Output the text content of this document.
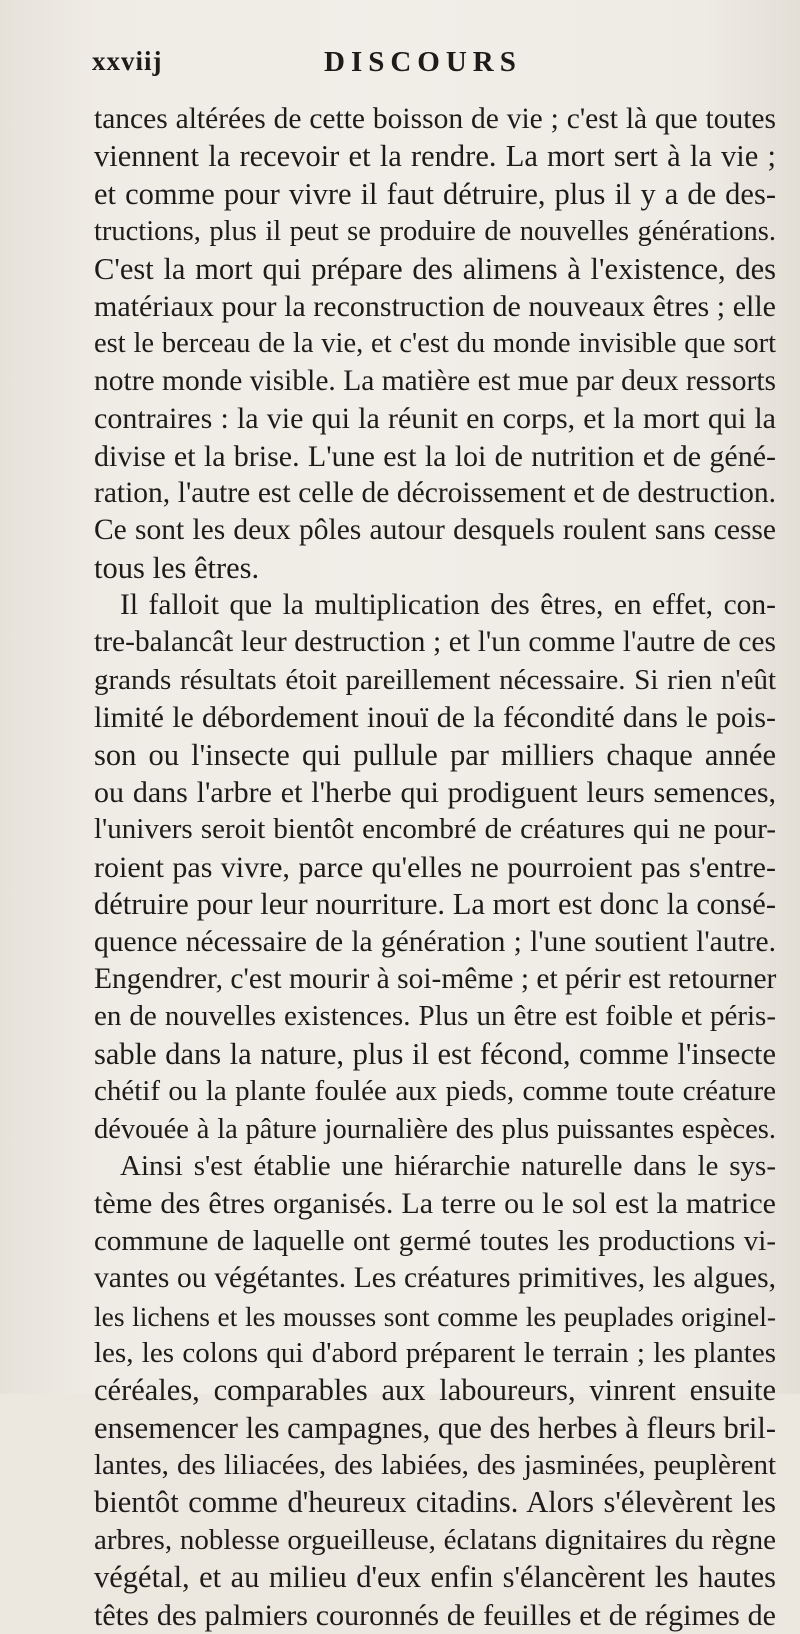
xxviij	DISCOURS
tances altérées de cette boisson de vie ; c'est là que toutes
viennent la recevoir et la rendre. La mort sert à la vie ;
et comme pour vivre il faut détruire, plus il y a de des-
tructions, plus il peut se produire de nouvelles générations.
C'est la mort qui prépare des alimens à l'existence, des
matériaux pour la reconstruction de nouveaux êtres ; elle
est le berceau de la vie, et c'est du monde invisible que sort
notre monde visible. La matière est mue par deux ressorts
contraires : la vie qui la réunit en corps, et la mort qui la
divise et la brise. L'une est la loi de nutrition et de géné-
ration, l'autre est celle de décroissement et de destruction.
Ce sont les deux pôles autour desquels roulent sans cesse
tous les êtres.
Il falloit que la multiplication des êtres, en effet, con-
tre-balancât leur destruction ; et l'un comme l'autre de ces
grands résultats étoit pareillement nécessaire. Si rien n'eût
limité le débordement inouï de la fécondité dans le pois-
son ou l'insecte qui pullule par milliers chaque année
ou dans l'arbre et l'herbe qui prodiguent leurs semences,
l'univers seroit bientôt encombré de créatures qui ne pour-
roient pas vivre, parce qu'elles ne pourroient pas s'entre-
détruire pour leur nourriture. La mort est donc la consé-
quence nécessaire de la génération ; l'une soutient l'autre.
Engendrer, c'est mourir à soi-même ; et périr est retourner
en de nouvelles existences. Plus un être est foible et péris-
sable dans la nature, plus il est fécond, comme l'insecte
chétif ou la plante foulée aux pieds, comme toute créature
dévouée à la pâture journalière des plus puissantes espèces.
Ainsi s'est établie une hiérarchie naturelle dans le sys-
tème des êtres organisés. La terre ou le sol est la matrice
commune de laquelle ont germé toutes les productions vi-
vantes ou végétantes. Les créatures primitives, les algues,
les lichens et les mousses sont comme les peuplades originel-
les, les colons qui d'abord préparent le terrain ; les plantes
céréales, comparables aux laboureurs, vinrent ensuite
ensemencer les campagnes, que des herbes à fleurs bril-
lantes, des liliacées, des labiées, des jasminées, peuplèrent
bientôt comme d'heureux citadins. Alors s'élevèrent les
arbres, noblesse orgueilleuse, éclatans dignitaires du règne
végétal, et au milieu d'eux enfin s'élancèrent les hautes
têtes des palmiers couronnés de feuilles et de régimes de
